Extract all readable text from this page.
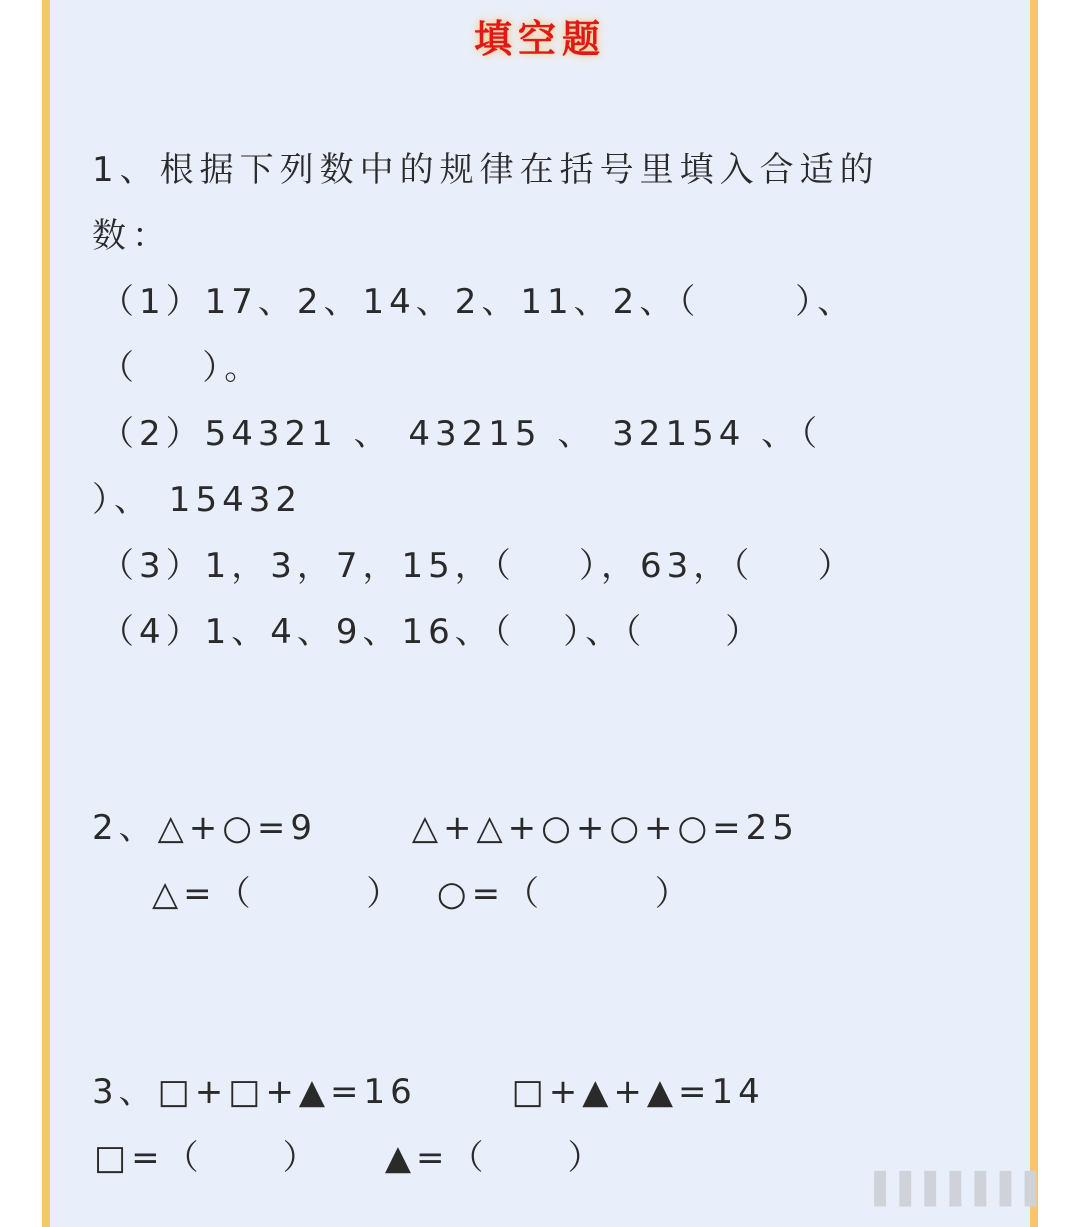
填空题
1、根据下列数中的规律在括号里填入合适的
数：
（1）17、2、14、2、11、2、（      ）、
（    ）。
（2）54321 、 43215 、 32154 、（
）、 15432
（3）1，3，7，15，（    ），63，（    ）
（4）1、4、9、16、（   ）、（     ）
2、△+○=9      △+△+○+○+○=25
△=（       ）  ○=（       ）
3、□+□+▲=16      □+▲+▲=14
□=（     ）    ▲=（     ）
▌▌▌▌▌▌▌
